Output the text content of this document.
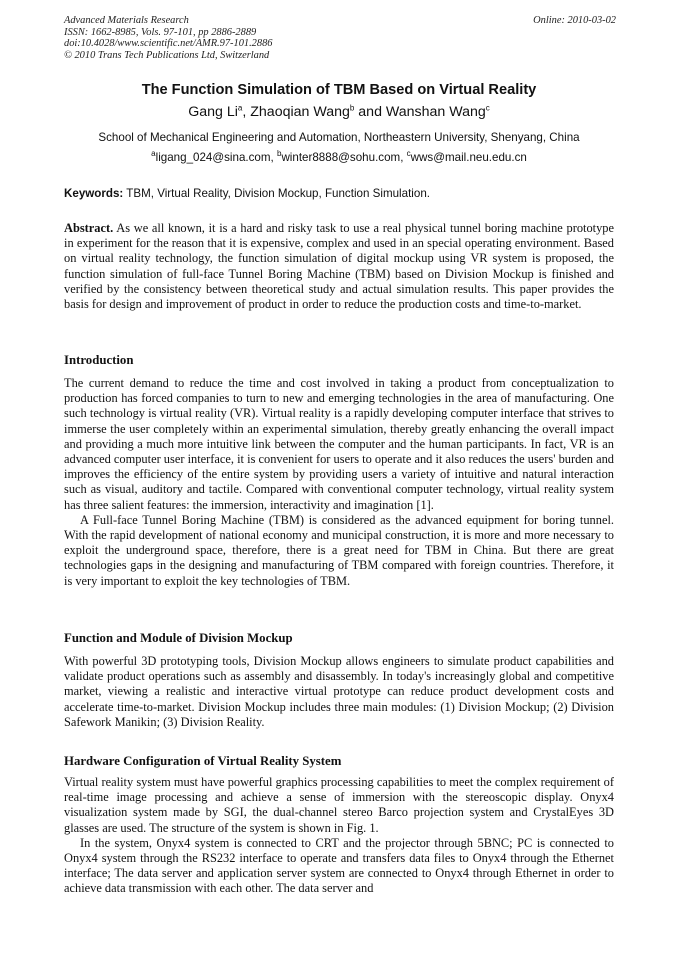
Advanced Materials Research
ISSN: 1662-8985, Vols. 97-101, pp 2886-2889
doi:10.4028/www.scientific.net/AMR.97-101.2886
© 2010 Trans Tech Publications Ltd, Switzerland
Online: 2010-03-02
The Function Simulation of TBM Based on Virtual Reality
Gang Li$^a$, Zhaoqian Wang$^b$ and Wanshan Wang$^c$
School of Mechanical Engineering and Automation, Northeastern University, Shenyang, China
$^a$ligang_024@sina.com, $^b$winter8888@sohu.com, $^c$wws@mail.neu.edu.cn
Keywords: TBM, Virtual Reality, Division Mockup, Function Simulation.

Abstract. As we all known, it is a hard and risky task to use a real physical tunnel boring machine prototype in experiment for the reason that it is expensive, complex and used in an special operating environment. Based on virtual reality technology, the function simulation of digital mockup using VR system is proposed, the function simulation of full-face Tunnel Boring Machine (TBM) based on Division Mockup is finished and verified by the consistency between theoretical study and actual simulation results. This paper provides the basis for design and improvement of product in order to reduce the production costs and time-to-market.

Introduction

The current demand to reduce the time and cost involved in taking a product from conceptualization to production has forced companies to turn to new and emerging technologies in the area of manufacturing. One such technology is virtual reality (VR). Virtual reality is a rapidly developing computer interface that strives to immerse the user completely within an experimental simulation, thereby greatly enhancing the overall impact and providing a much more intuitive link between the computer and the human participants. In fact, VR is an advanced computer user interface, it is convenient for users to operate and it also reduces the users' burden and improves the efficiency of the entire system by providing users a variety of intuitive and natural interaction such as visual, auditory and tactile. Compared with conventional computer technology, virtual reality system has three salient features: the immersion, interactivity and imagination [1].

A Full-face Tunnel Boring Machine (TBM) is considered as the advanced equipment for boring tunnel. With the rapid development of national economy and municipal construction, it is more and more necessary to exploit the underground space, therefore, there is a great need for TBM in China. But there are great technologies gaps in the designing and manufacturing of TBM compared with foreign countries. Therefore, it is very important to exploit the key technologies of TBM.

Function and Module of Division Mockup

With powerful 3D prototyping tools, Division Mockup allows engineers to simulate product capabilities and validate product operations such as assembly and disassembly. In today's increasingly global and competitive market, viewing a realistic and interactive virtual prototype can reduce product development costs and accelerate time-to-market. Division Mockup includes three main modules: (1) Division Mockup; (2) Division Safework Manikin; (3) Division Reality.

Hardware Configuration of Virtual Reality System

Virtual reality system must have powerful graphics processing capabilities to meet the complex requirement of real-time image processing and achieve a sense of immersion with the stereoscopic display. Onyx4 visualization system made by SGI, the dual-channel stereo Barco projection system and CrystalEyes 3D glasses are used. The structure of the system is shown in Fig. 1.

In the system, Onyx4 system is connected to CRT and the projector through 5BNC; PC is connected to Onyx4 system through the RS232 interface to operate and transfers data files to Onyx4 through the Ethernet interface; The data server and application server system are connected to Onyx4 through Ethernet in order to achieve data transmission with each other. The data server and
